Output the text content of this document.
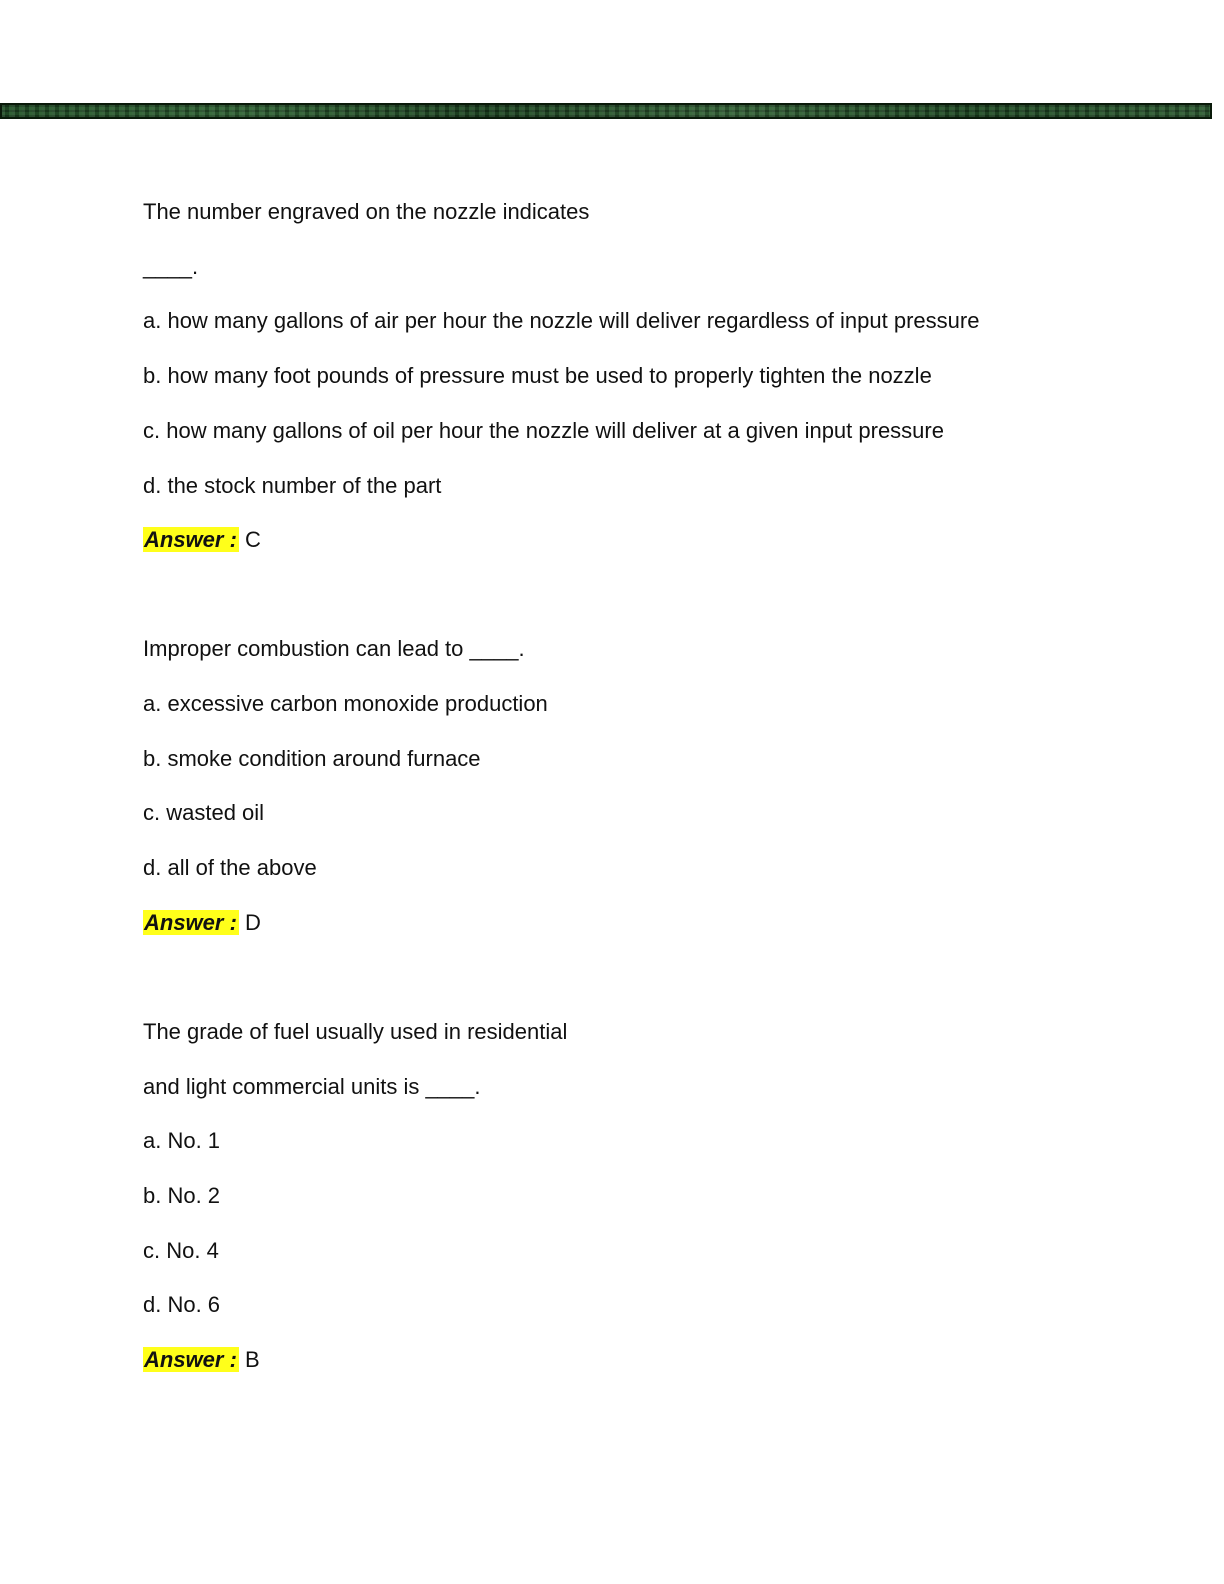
The number engraved on the nozzle indicates
____.
a. how many gallons of air per hour the nozzle will deliver regardless of input pressure
b. how many foot pounds of pressure must be used to properly tighten the nozzle
c. how many gallons of oil per hour the nozzle will deliver at a given input pressure
d. the stock number of the part
Answer : C
Improper combustion can lead to ____.
a. excessive carbon monoxide production
b. smoke condition around furnace
c. wasted oil
d. all of the above
Answer : D
The grade of fuel usually used in residential
and light commercial units is ____.
a. No. 1
b. No. 2
c. No. 4
d. No. 6
Answer : B
